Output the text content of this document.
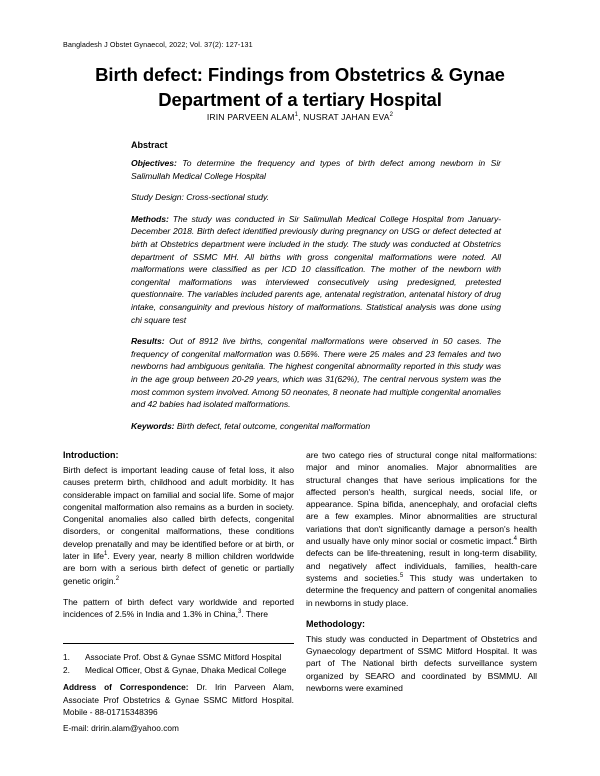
Bangladesh J Obstet Gynaecol, 2022; Vol. 37(2): 127-131
Birth defect: Findings from Obstetrics & Gynae
Department of a tertiary Hospital
IRIN PARVEEN ALAM$^1$, NUSRAT JAHAN EVA$^2$
Abstract

Objectives: To determine the frequency and types of birth defect among newborn in Sir Salimullah Medical College Hospital

Study Design: Cross-sectional study.

Methods: The study was conducted in Sir Salimullah Medical College Hospital from January-December 2018. Birth defect identified previously during pregnancy on USG or defect detected at birth at Obstetrics department were included in the study. The study was conducted at Obstetrics department of SSMC MH. All births with gross congenital malformations were noted. All malformations were classified as per ICD 10 classification. The mother of the newborn with congenital malformations was interviewed consecutively using predesigned, pretested questionnaire. The variables included parents age, antenatal registration, antenatal history of drug intake, consanguinity and previous history of malformations. Statistical analysis was done using chi square test

Results: Out of 8912 live births, congenital malformations were observed in 50 cases. The frequency of congenital malformation was 0.56%. There were 25 males and 23 females and two newborns had ambiguous genitalia. The highest congenital abnormality reported in this study was in the age group between 20-29 years, which was 31(62%), The central nervous system was the most common system involved. Among 50 neonates, 8 neonate had multiple congenital anomalies and 42 babies had isolated malformations.

Keywords: Birth defect, fetal outcome, congenital malformation

Introduction:

Birth defect is important leading cause of fetal loss, it also causes preterm birth, childhood and adult morbidity. It has considerable impact on familial and social life. Some of major congenital malformation also remains as a burden in society. Congenital anomalies also called birth defects, congenital disorders, or congenital malformations, these conditions develop prenatally and may be identified before or at birth, or later in life$^1$. Every year, nearly 8 million children worldwide are born with a serious birth defect of genetic or partially genetic origin.$^2$

The pattern of birth defect vary worldwide and reported incidences of 2.5% in India and 1.3% in China,$^3$. There

are two catego ries of structural conge nital malformations: major and minor anomalies. Major abnormalities are structural changes that have serious implications for the affected person's health, surgical needs, social life, or appearance. Spina bifida, anencephaly, and orofacial clefts are a few examples. Minor abnormalities are structural variations that don't significantly damage a person's health and usually have only minor social or cosmetic impact.$^4$ Birth defects can be life-threatening, result in long-term disability, and negatively affect individuals, families, health-care systems and societies.$^5$ This study was undertaken to determine the frequency and pattern of congenital anomalies in newborns in study place.

Methodology:

This study was conducted in Department of Obstetrics and Gynaecology department of SSMC Mitford Hospital. It was part of The National birth defects surveillance system organized by SEARO and coordinated by BSMMU. All newborns were examined

1.	Associate Prof. Obst & Gynae SSMC Mitford Hospital
2.	Medical Officer, Obst & Gynae, Dhaka Medical College

Address of Correspondence: Dr. Irin Parveen Alam, Associate Prof Obstetrics & Gynae SSMC Mitford Hospital. Mobile - 88-01715348396

E-mail: dririn.alam@yahoo.com
